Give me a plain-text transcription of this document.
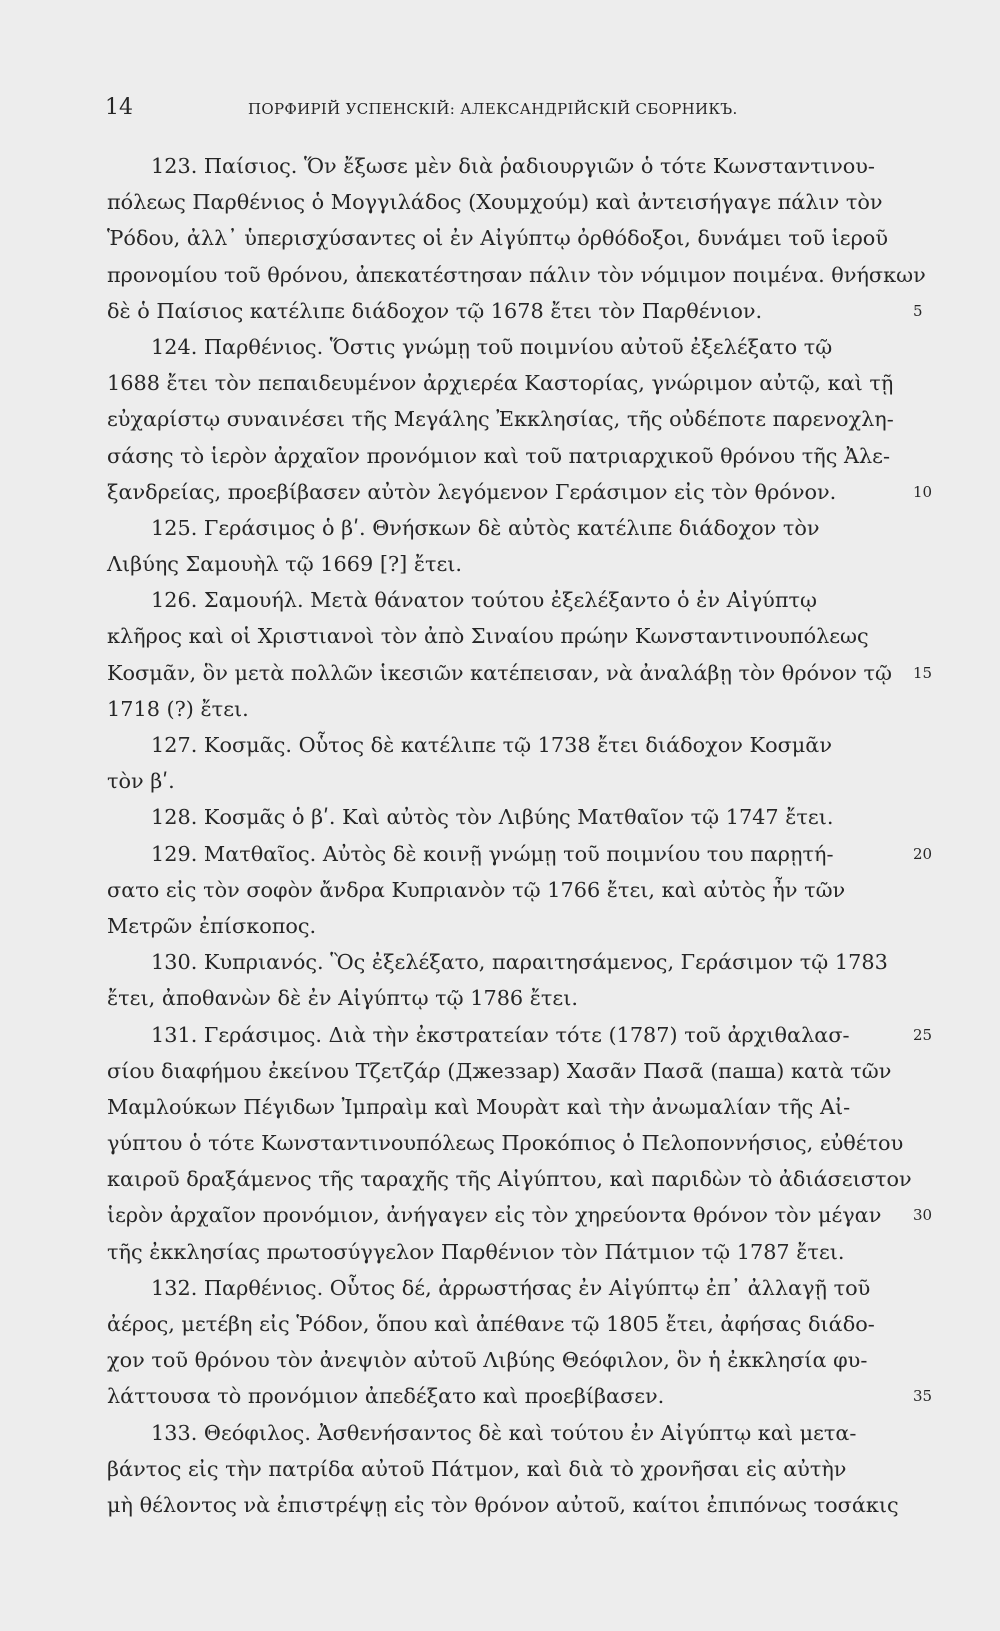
14	ПОРФИРІЙ УСПЕНСКІЙ: АЛЕКСАНДРІЙСКІЙ СБОРНИКЪ.
123. Παίσιος. Ὅν ἔξωσε μὲν διὰ ῥαδιουργιῶν ὁ τότε Κωνσταντινου-
πόλεως Παρθένιος ὁ Μογγιλάδος (Χουμχούμ) καὶ ἀντεισήγαγε πάλιν τὸν
Ῥόδου, ἀλλ᾽ ὑπερισχύσαντες οἱ ἐν Αἰγύπτῳ ὀρθόδοξοι, δυνάμει τοῦ ἱεροῦ
προνομίου τοῦ θρόνου, ἀπεκατέστησαν πάλιν τὸν νόμιμον ποιμένα. θνήσκων
δὲ ὁ Παίσιος κατέλιπε διάδοχον τῷ 1678 ἔτει τὸν Παρθένιον.	5
124. Παρθένιος. Ὅστις γνώμῃ τοῦ ποιμνίου αὐτοῦ ἐξελέξατο τῷ
1688 ἔτει τὸν πεπαιδευμένον ἀρχιερέα Καστορίας, γνώριμον αὐτῷ, καὶ τῇ
εὐχαρίστῳ συναινέσει τῆς Μεγάλης Ἐκκλησίας, τῆς οὐδέποτε παρενοχλη-
σάσης τὸ ἱερὸν ἀρχαῖον προνόμιον καὶ τοῦ πατριαρχικοῦ θρόνου τῆς Ἀλε-
ξανδρείας, προεβίβασεν αὐτὸν λεγόμενον Γεράσιμον εἰς τὸν θρόνον.	10
125. Γεράσιμος ὁ βʹ. Θνήσκων δὲ αὐτὸς κατέλιπε διάδοχον τὸν
Λιβύης Σαμουὴλ τῷ 1669 [?] ἔτει.
126. Σαμουήλ. Μετὰ θάνατον τούτου ἐξελέξαντο ὁ ἐν Αἰγύπτῳ
κλῆρος καὶ οἱ Χριστιανοὶ τὸν ἀπὸ Σιναίου πρώην Κωνσταντινουπόλεως
Κοσμᾶν, ὃν μετὰ πολλῶν ἱκεσιῶν κατέπεισαν, νὰ ἀναλάβῃ τὸν θρόνον τῷ 15
1718 (?) ἔτει.
127. Κοσμᾶς. Οὗτος δὲ κατέλιπε τῷ 1738 ἔτει διάδοχον Κοσμᾶν
τὸν βʹ.
128. Κοσμᾶς ὁ βʹ. Καὶ αὐτὸς τὸν Λιβύης Ματθαῖον τῷ 1747 ἔτει.
129. Ματθαῖος. Αὐτὸς δὲ κοινῇ γνώμῃ τοῦ ποιμνίου του παρῃτή-	20
σατο εἰς τὸν σοφὸν ἄνδρα Κυπριανὸν τῷ 1766 ἔτει, καὶ αὐτὸς ἦν τῶν
Μετρῶν ἐπίσκοπος.
130. Κυπριανός. Ὃς ἐξελέξατο, παραιτησάμενος, Γεράσιμον τῷ 1783
ἔτει, ἀποθανὼν δὲ ἐν Αἰγύπτῳ τῷ 1786 ἔτει.
131. Γεράσιμος. Διὰ τὴν ἐκστρατείαν τότε (1787) τοῦ ἀρχιθαλασ-	25
σίου διαφήμου ἐκείνου Τζετζάρ (Джеззар) Χασᾶν Πασᾶ (паша) κατὰ τῶν
Μαμλούκων Πέγιδων Ἰμπραὶμ καὶ Μουρὰτ καὶ τὴν ἀνωμαλίαν τῆς Αἰ-
γύπτου ὁ τότε Κωνσταντινουπόλεως Προκόπιος ὁ Πελοποννήσιος, εὐθέτου
καιροῦ δραξάμενος τῆς ταραχῆς τῆς Αἰγύπτου, καὶ παριδὼν τὸ ἀδιάσειστον
ἱερὸν ἀρχαῖον προνόμιον, ἀνήγαγεν εἰς τὸν χηρεύοντα θρόνον τὸν μέγαν 30
τῆς ἐκκλησίας πρωτοσύγγελον Παρθένιον τὸν Πάτμιον τῷ 1787 ἔτει.
132. Παρθένιος. Οὗτος δέ, ἀρρωστήσας ἐν Αἰγύπτῳ ἐπ᾽ ἀλλαγῇ τοῦ
ἀέρος, μετέβη εἰς Ῥόδον, ὅπου καὶ ἀπέθανε τῷ 1805 ἔτει, ἀφήσας διάδο-
χον τοῦ θρόνου τὸν ἀνεψιὸν αὐτοῦ Λιβύης Θεόφιλον, ὃν ἡ ἐκκλησία φυ-
λάττουσα τὸ προνόμιον ἀπεδέξατο καὶ προεβίβασεν.	35
133. Θεόφιλος. Ἀσθενήσαντος δὲ καὶ τούτου ἐν Αἰγύπτῳ καὶ μετα-
βάντος εἰς τὴν πατρίδα αὐτοῦ Πάτμον, καὶ διὰ τὸ χρονῆσαι εἰς αὐτὴν
μὴ θέλοντος νὰ ἐπιστρέψῃ εἰς τὸν θρόνον αὐτοῦ, καίτοι ἐπιπόνως τοσάκις
